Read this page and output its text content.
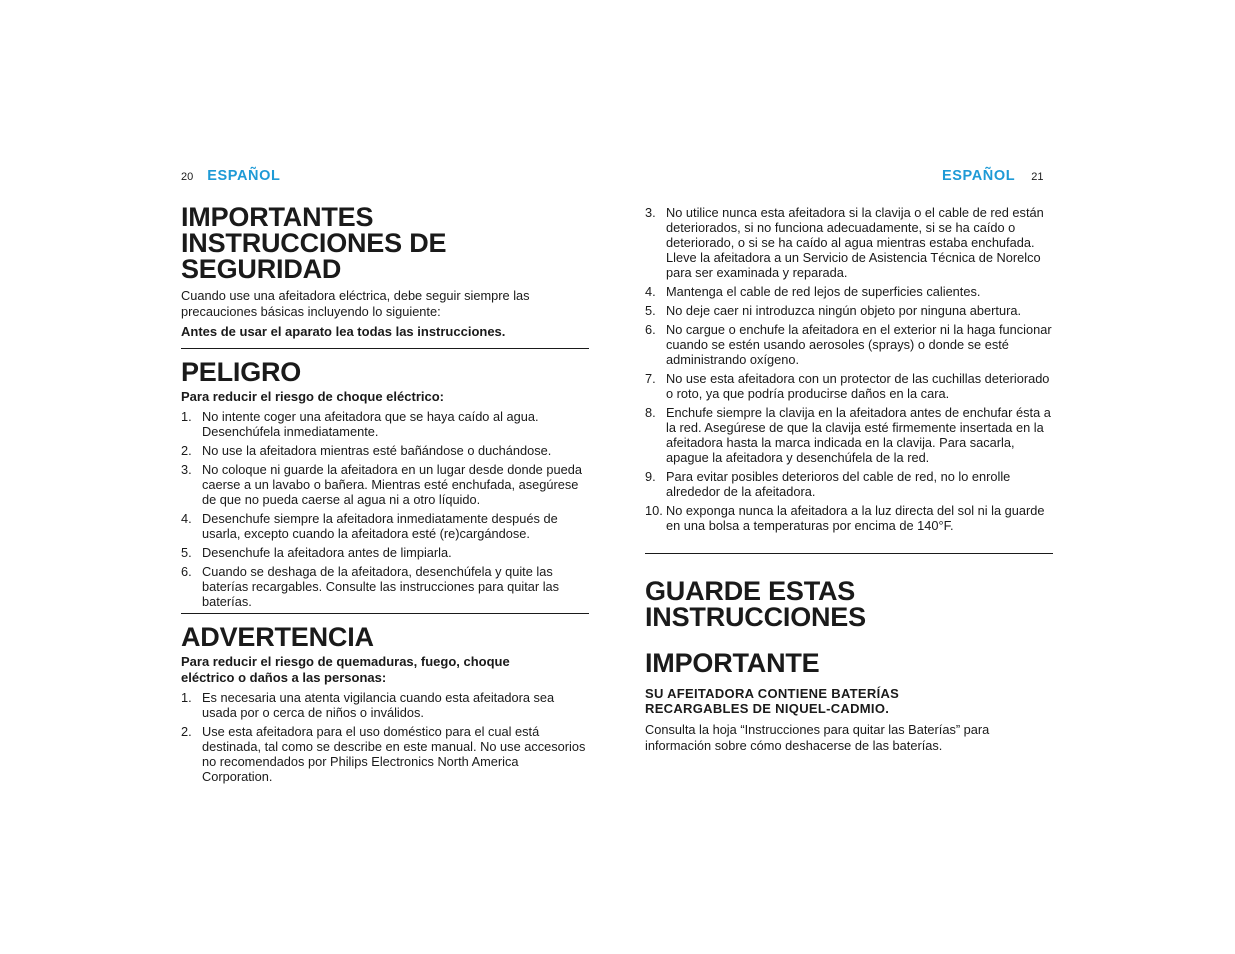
20 ESPAÑOL	ESPAÑOL 21
IMPORTANTES INSTRUCCIONES DE SEGURIDAD

Cuando use una afeitadora eléctrica, debe seguir siempre las precauciones básicas incluyendo lo siguiente:

Antes de usar el aparato lea todas las instrucciones.

PELIGRO

Para reducir el riesgo de choque eléctrico:

1. No intente coger una afeitadora que se haya caído al agua. Desenchúfela inmediatamente.
2. No use la afeitadora mientras esté bañándose o duchándose.
3. No coloque ni guarde la afeitadora en un lugar desde donde pueda caerse a un lavabo o bañera. Mientras esté enchufada, asegúrese de que no pueda caerse al agua ni a otro líquido.
4. Desenchufe siempre la afeitadora inmediatamente después de usarla, excepto cuando la afeitadora esté (re)cargándose.
5. Desenchufe la afeitadora antes de limpiarla.
6. Cuando se deshaga de la afeitadora, desenchúfela y quite las baterías recargables. Consulte las instrucciones para quitar las baterías.
ADVERTENCIA

Para reducir el riesgo de quemaduras, fuego, choque eléctrico o daños a las personas:

1. Es necesaria una atenta vigilancia cuando esta afeitadora sea usada por o cerca de niños o inválidos.
2. Use esta afeitadora para el uso doméstico para el cual está destinada, tal como se describe en este manual. No use accesorios no recomendados por Philips Electronics North America Corporation.
3. No utilice nunca esta afeitadora si la clavija o el cable de red están deteriorados, si no funciona adecuadamente, si se ha caído o deteriorado, o si se ha caído al agua mientras estaba enchufada. Lleve la afeitadora a un Servicio de Asistencia Técnica de Norelco para ser examinada y reparada.
4. Mantenga el cable de red lejos de superficies calientes.
5. No deje caer ni introduzca ningún objeto por ninguna abertura.
6. No cargue o enchufe la afeitadora en el exterior ni la haga funcionar cuando se estén usando aerosoles (sprays) o donde se esté administrando oxígeno.
7. No use esta afeitadora con un protector de las cuchillas deteriorado o roto, ya que podría producirse daños en la cara.
8. Enchufe siempre la clavija en la afeitadora antes de enchufar ésta a la red. Asegúrese de que la clavija esté firmemente insertada en la afeitadora hasta la marca indicada en la clavija. Para sacarla, apague la afeitadora y desenchúfela de la red.
9. Para evitar posibles deterioros del cable de red, no lo enrolle alrededor de la afeitadora.
10. No exponga nunca la afeitadora a la luz directa del sol ni la guarde en una bolsa a temperaturas por encima de 140°F.
GUARDE ESTAS INSTRUCCIONES
IMPORTANTE

SU AFEITADORA CONTIENE BATERÍAS RECARGABLES DE NIQUEL-CADMIO.

Consulta la hoja “Instrucciones para quitar las Baterías” para información sobre cómo deshacerse de las baterías.
